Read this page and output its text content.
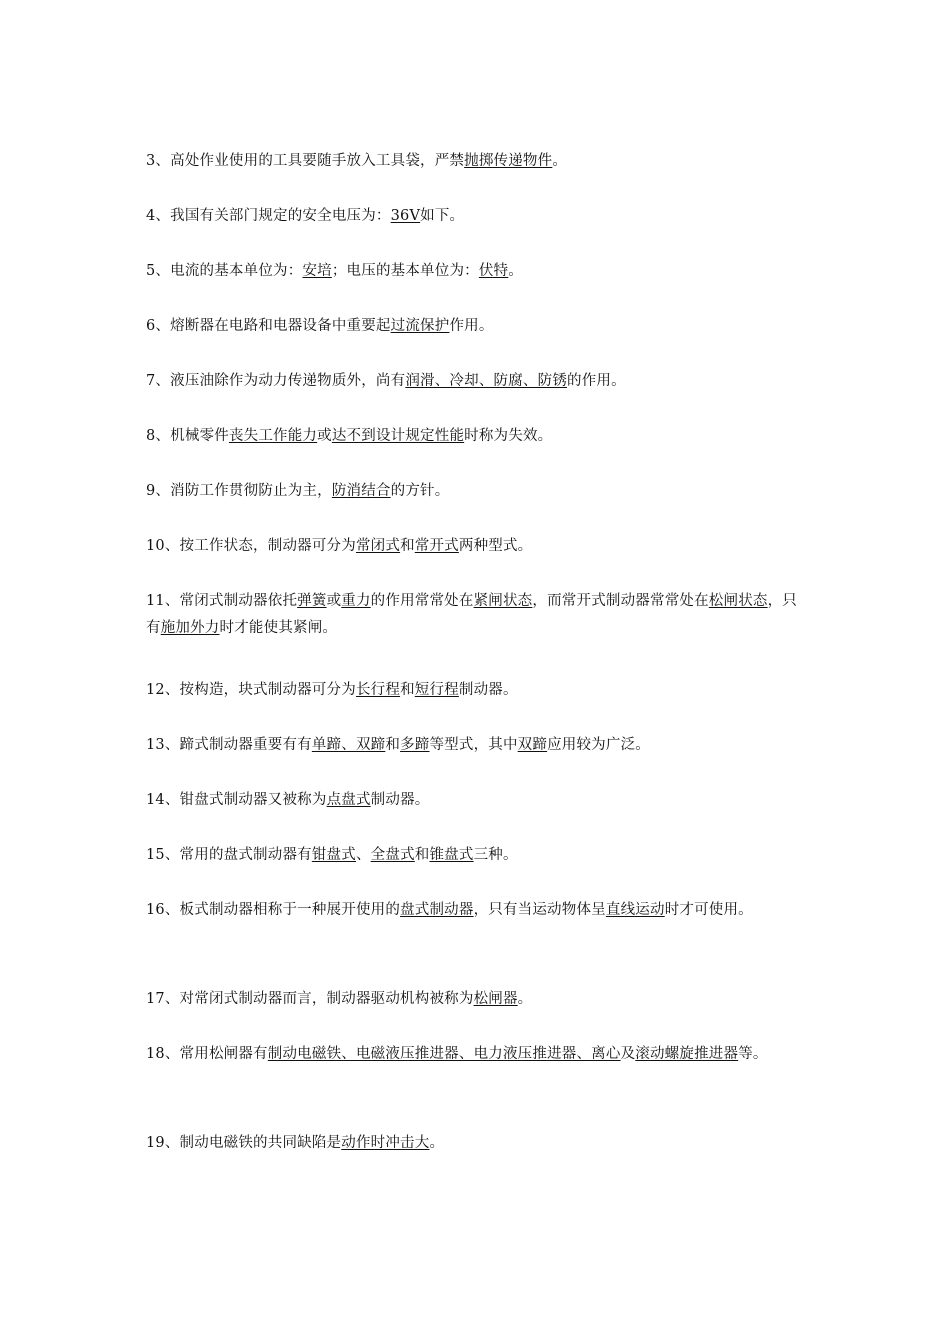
3、高处作业使用的工具要随手放入工具袋，严禁抛掷传递物件。
4、我国有关部门规定的安全电压为：36V如下。
5、电流的基本单位为：安培；电压的基本单位为：伏特。
6、熔断器在电路和电器设备中重要起过流保护作用。
7、液压油除作为动力传递物质外，尚有润滑、冷却、防腐、防锈的作用。
8、机械零件丧失工作能力或达不到设计规定性能时称为失效。
9、消防工作贯彻防止为主，防消结合的方针。
10、按工作状态，制动器可分为常闭式和常开式两种型式。
11、常闭式制动器依托弹簧或重力的作用常常处在紧闸状态，而常开式制动器常常处在松闸状态，只有施加外力时才能使其紧闸。
12、按构造，块式制动器可分为长行程和短行程制动器。
13、蹄式制动器重要有有单蹄、双蹄和多蹄等型式，其中双蹄应用较为广泛。
14、钳盘式制动器又被称为点盘式制动器。
15、常用的盘式制动器有钳盘式、全盘式和锥盘式三种。
16、板式制动器相称于一种展开使用的盘式制动器，只有当运动物体呈直线运动时才可使用。
17、对常闭式制动器而言，制动器驱动机构被称为松闸器。
18、常用松闸器有制动电磁铁、电磁液压推进器、电力液压推进器、离心及滚动螺旋推进器等。
19、制动电磁铁的共同缺陷是动作时冲击大。
